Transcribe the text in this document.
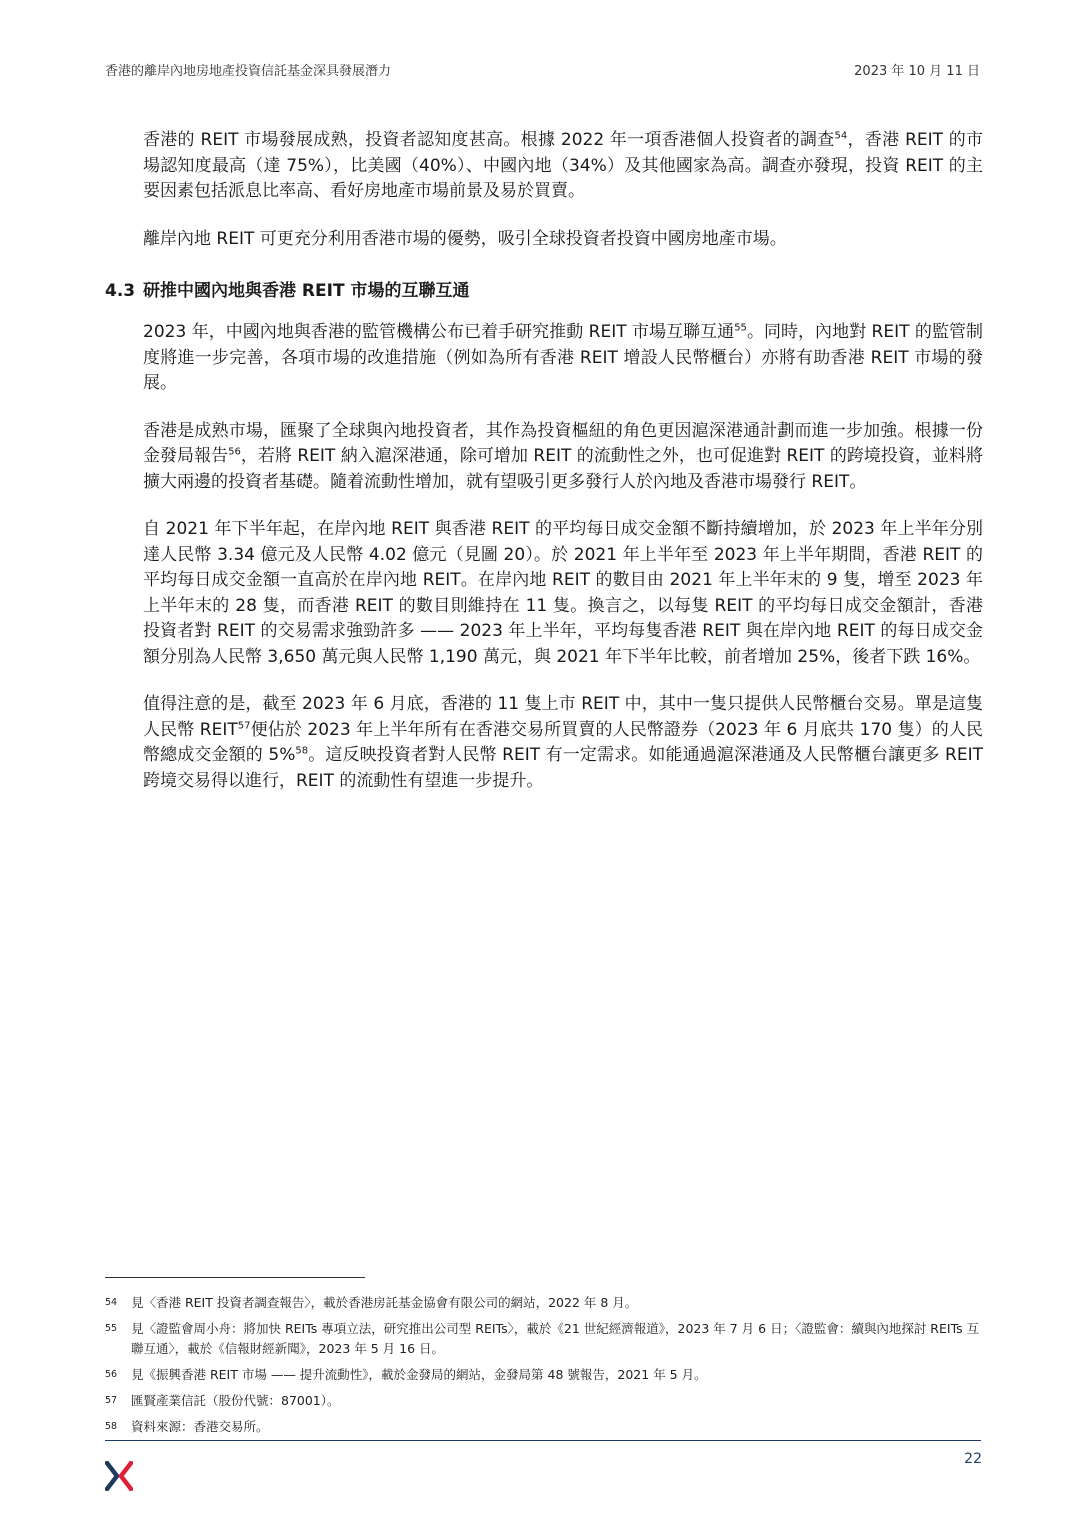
香港的離岸內地房地產投資信託基金深具發展潛力	2023 年 10 月 11 日

香港的 REIT 市場發展成熟，投資者認知度甚高。根據 2022 年一項香港個人投資者的調查$^{54}$，香港 REIT 的市場認知度最高（達 75%），比美國（40%）、中國內地（34%）及其他國家為高。調查亦發現，投資 REIT 的主要因素包括派息比率高、看好房地產市場前景及易於買賣。

離岸內地 REIT 可更充分利用香港市場的優勢，吸引全球投資者投資中國房地產市場。

4.3 研推中國內地與香港 REIT 市場的互聯互通

2023 年，中國內地與香港的監管機構公布已着手研究推動 REIT 市場互聯互通$^{55}$。同時，內地對 REIT 的監管制度將進一步完善，各項市場的改進措施（例如為所有香港 REIT 增設人民幣櫃台）亦將有助香港 REIT 市場的發展。

香港是成熟市場，匯聚了全球與內地投資者，其作為投資樞紐的角色更因滬深港通計劃而進一步加強。根據一份金發局報告$^{56}$，若將 REIT 納入滬深港通，除可增加 REIT 的流動性之外，也可促進對 REIT 的跨境投資，並料將擴大兩邊的投資者基礎。隨着流動性增加，就有望吸引更多發行人於內地及香港市場發行 REIT。

自 2021 年下半年起，在岸內地 REIT 與香港 REIT 的平均每日成交金額不斷持續增加，於 2023 年上半年分別達人民幣 3.34 億元及人民幣 4.02 億元（見圖 20）。於 2021 年上半年至 2023 年上半年期間，香港 REIT 的平均每日成交金額一直高於在岸內地 REIT。在岸內地 REIT 的數目由 2021 年上半年末的 9 隻，增至 2023 年上半年末的 28 隻，而香港 REIT 的數目則維持在 11 隻。換言之，以每隻 REIT 的平均每日成交金額計，香港投資者對 REIT 的交易需求強勁許多 —— 2023 年上半年，平均每隻香港 REIT 與在岸內地 REIT 的每日成交金額分別為人民幣 3,650 萬元與人民幣 1,190 萬元，與 2021 年下半年比較，前者增加 25%，後者下跌 16%。

值得注意的是，截至 2023 年 6 月底，香港的 11 隻上市 REIT 中，其中一隻只提供人民幣櫃台交易。單是這隻人民幣 REIT$^{57}$便佔於 2023 年上半年所有在香港交易所買賣的人民幣證券（2023 年 6 月底共 170 隻）的人民幣總成交金額的 5%$^{58}$。這反映投資者對人民幣 REIT 有一定需求。如能通過滬深港通及人民幣櫃台讓更多 REIT 跨境交易得以進行，REIT 的流動性有望進一步提升。

54	見〈香港 REIT 投資者調查報告〉，載於香港房託基金協會有限公司的網站，2022 年 8 月。
55	見〈證監會周小舟：將加快 REITs 專項立法，研究推出公司型 REITs〉，載於《21 世紀經濟報道》，2023 年 7 月 6 日；〈證監會：續與內地探討 REITs 互聯互通〉，載於《信報財經新聞》，2023 年 5 月 16 日。
56	見《振興香港 REIT 市場 —— 提升流動性》，載於金發局的網站，金發局第 48 號報告，2021 年 5 月。
57	匯賢產業信託（股份代號：87001）。
58	資料來源：香港交易所。
22
